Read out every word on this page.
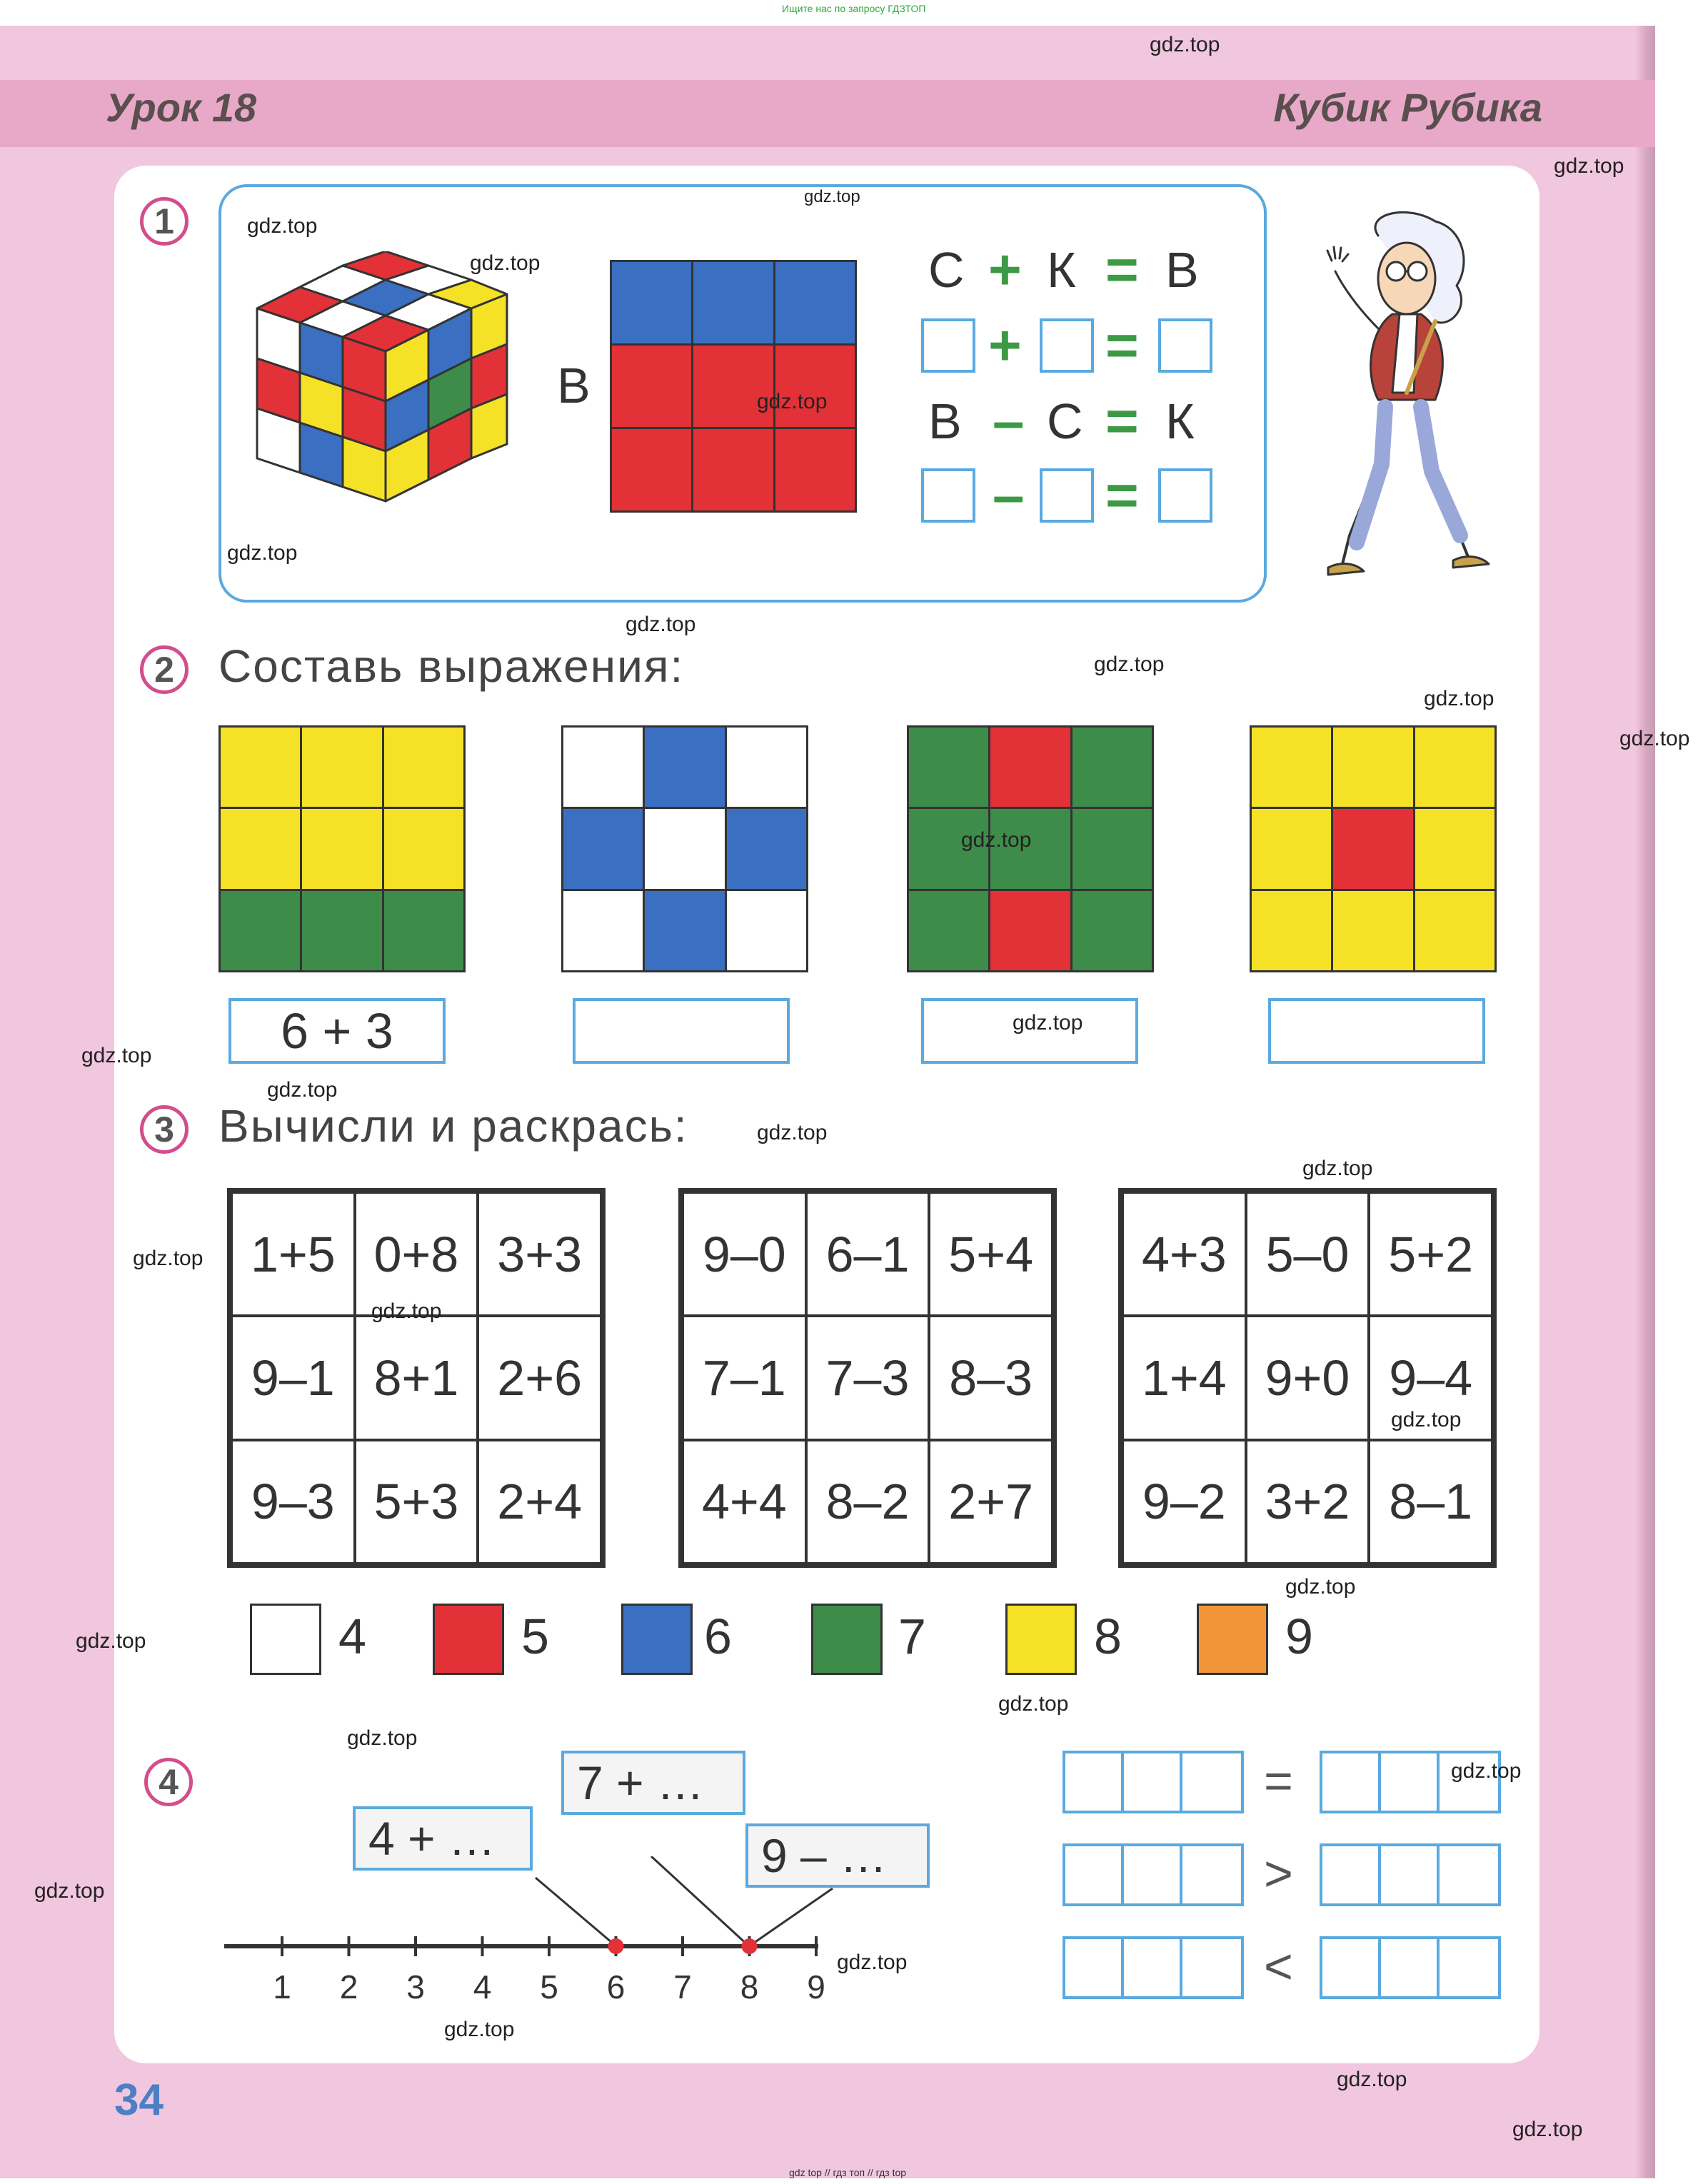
Ищите нас по запросу ГДЗТОП
Урок 18	Кубик Рубика
1
В
С + К = В
+ =
В – С = К
– =
2 Составь выражения:
6 + 3
3 Вычисли и раскрась:
1+5 0+8 3+3
9–1 8+1 2+6
9–3 5+3 2+4
9–0 6–1 5+4
7–1 7–3 8–3
4+4 8–2 2+7
4+3 5–0 5+2
1+4 9+0 9–4
9–2 3+2 8–1
4	5	6	7	8	9
4
4 + …
7 + …
9 – …
1	2	3	4	5	6	7	8	9
=
>
<
34
gdz top // гдз топ // гдз top
gdz.top
gdz.top
gdz.top
gdz.top
gdz.top
gdz.top
gdz.top
gdz.top
gdz.top
gdz.top
gdz.top
gdz.top
gdz.top
gdz.top
gdz.top
gdz.top
gdz.top
gdz.top
gdz.top
gdz.top
gdz.top
gdz.top
gdz.top
gdz.top
gdz.top
gdz.top
gdz.top
gdz.top
gdz.top
gdz.top
